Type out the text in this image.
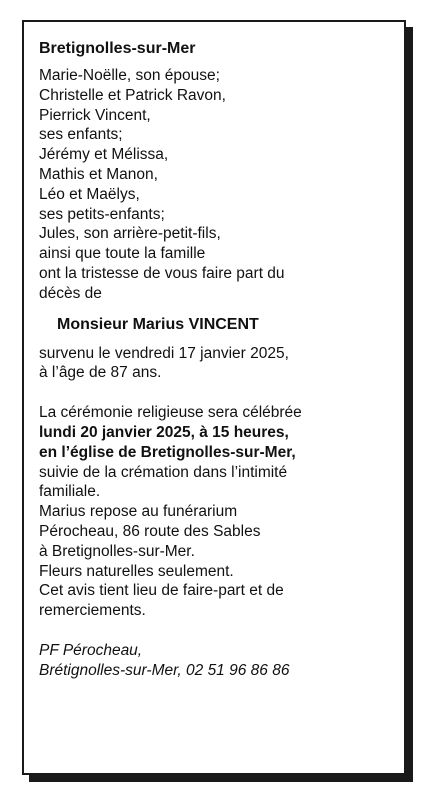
Bretignolles-sur-Mer
Marie-Noëlle, son épouse;
Christelle et Patrick Ravon,
Pierrick Vincent,
ses enfants;
Jérémy et Mélissa,
Mathis et Manon,
Léo et Maëlys,
ses petits-enfants;
Jules, son arrière-petit-fils,
ainsi que toute la famille
ont la tristesse de vous faire part du
décès de
Monsieur Marius VINCENT
survenu le vendredi 17 janvier 2025,
à l’âge de 87 ans.
La cérémonie religieuse sera célébrée
lundi 20 janvier 2025, à 15 heures,
en l’église de Bretignolles-sur-Mer,
suivie de la crémation dans l’intimité
familiale.
Marius repose au funérarium
Pérocheau, 86 route des Sables
à Bretignolles-sur-Mer.
Fleurs naturelles seulement.
Cet avis tient lieu de faire-part et de
remerciements.
PF Pérocheau,
Brétignolles-sur-Mer, 02 51 96 86 86
